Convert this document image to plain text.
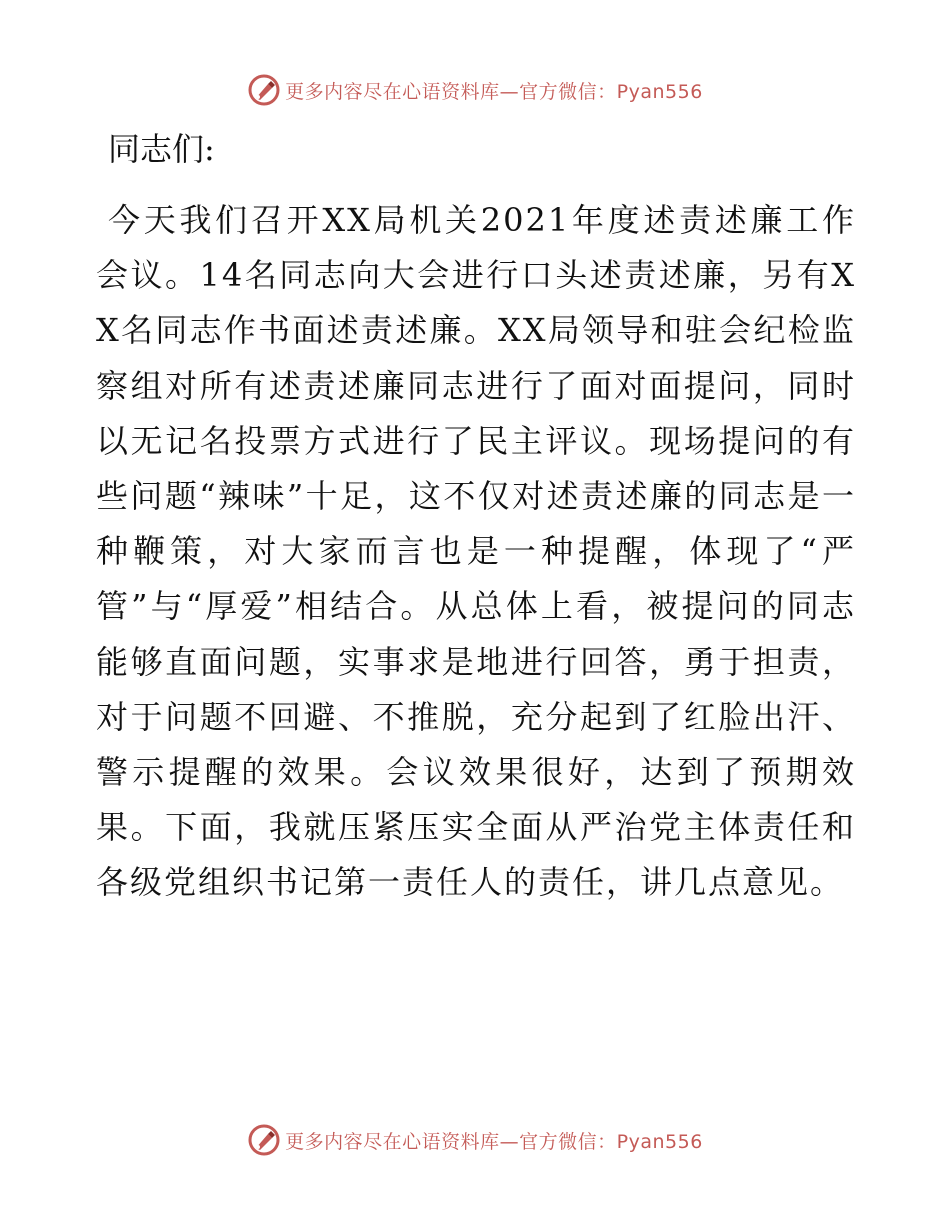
更多内容尽在心语资料库—官方微信：Pyan556

同志们:

今天我们召开XX局机关2021年度述责述廉工作会议。14名同志向大会进行口头述责述廉，另有XX名同志作书面述责述廉。XX局领导和驻会纪检监察组对所有述责述廉同志进行了面对面提问，同时以无记名投票方式进行了民主评议。现场提问的有些问题“辣味”十足，这不仅对述责述廉的同志是一种鞭策，对大家而言也是一种提醒，体现了“严管”与“厚爱”相结合。从总体上看，被提问的同志能够直面问题，实事求是地进行回答，勇于担责，对于问题不回避、不推脱，充分起到了红脸出汗、警示提醒的效果。会议效果很好，达到了预期效果。下面，我就压紧压实全面从严治党主体责任和各级党组织书记第一责任人的责任，讲几点意见。

更多内容尽在心语资料库—官方微信：Pyan556
